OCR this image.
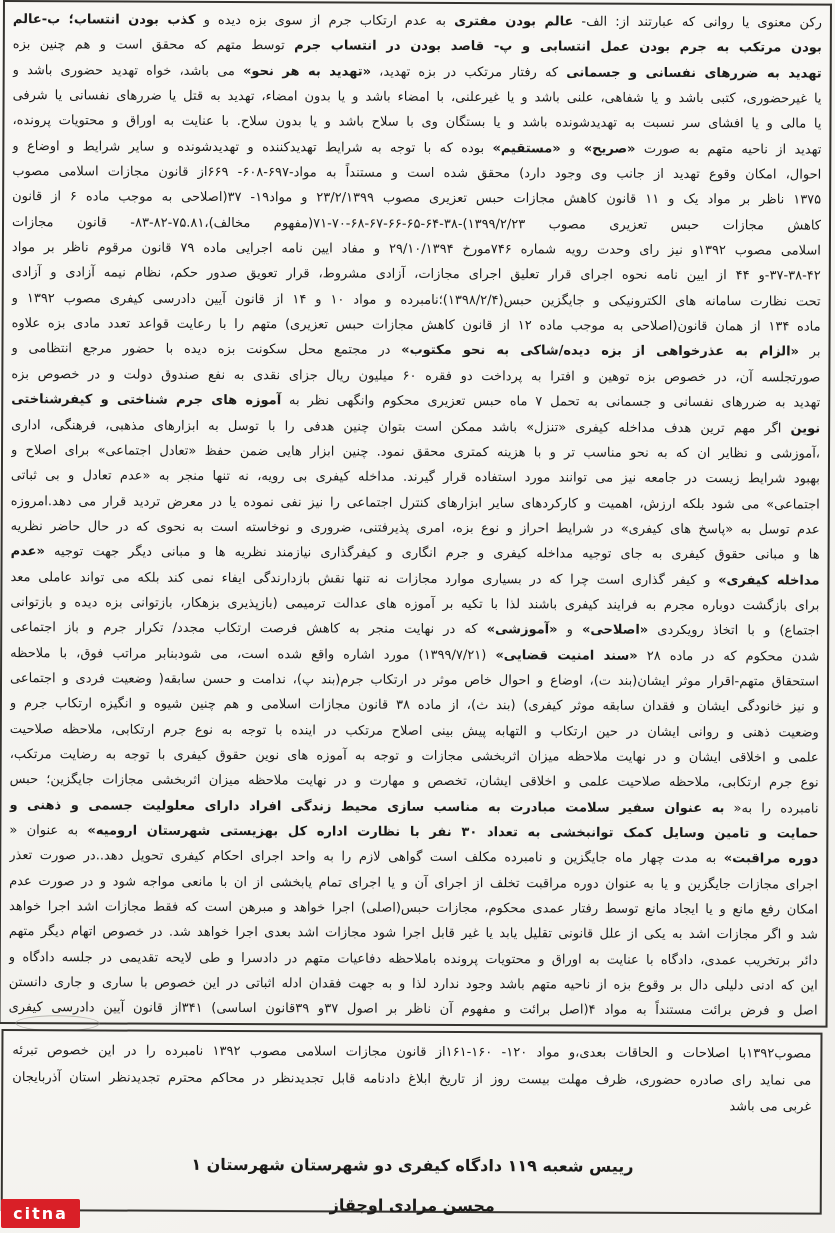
رکن معنوی یا روانی که عبارتند از: الف- عالم بودن مفتری به عدم ارتکاب جرم از سوی بزه دیده و کذب بودن انتساب؛ ب-عالم
بودن مرتکب به جرم بودن عمل انتسابی و پ- قاصد بودن در انتساب جرم توسط متهم که محقق است و هم چنین بزه
تهدید به ضررهای نفسانی و جسمانی که رفتار مرتکب در بزه تهدید، «تهدید به هر نحو» می باشد، خواه تهدید حضوری باشد و
یا غیرحضوری، کتبی باشد و یا شفاهی، علنی باشد و یا غیرعلنی، با امضاء باشد و یا بدون امضاء، تهدید به قتل یا ضررهای نفسانی یا شرفی
یا مالی و یا افشای سر نسبت به تهدیدشونده باشد و یا بستگان وی با سلاح باشد و یا بدون سلاح. با عنایت به اوراق و محتویات پرونده،
تهدید از ناحیه متهم به صورت «صریح» و «مستقیم» بوده که با توجه به شرایط تهدیدکننده و تهدیدشونده و سایر شرایط و اوضاع و
احوال، امکان وقوع تهدید از جانب وی وجود دارد) محقق شده است و مستنداً به مواد-۶۹۷-۶۰۸- ۶۶۹از قانون مجازات اسلامی مصوب
۱۳۷۵ ناظر بر مواد یک و ۱۱ قانون کاهش مجازات حبس تعزیری مصوب ۲۳/۲/۱۳۹۹ و مواد۱۹- ۳۷(اصلاحی به موجب ماده ۶ از قانون
کاهش مجازات حبس تعزیری مصوب ۱۳۹۹/۲/۲۳)-۳۸-۶۴-۶۵-۶۶-۶۷-۶۸-۷۰-۷۱(مفهوم مخالف)،۷۵.۸۱-۸۲-۸۳- قانون مجازات
اسلامی مصوب ۱۳۹۲و نیز رای وحدت رویه شماره ۷۴۶مورخ ۲۹/۱۰/۱۳۹۴ و مفاد ایین نامه اجرایی ماده ۷۹ قانون مرقوم ناظر بر مواد
۳۷-۳۸-۴۲-و ۴۴ از ایین نامه نحوه اجرای قرار تعلیق اجرای مجازات، آزادی مشروط، قرار تعویق صدور حکم، نظام نیمه آزادی و آزادی
تحت نظارت سامانه های الکترونیکی و جایگزین حبس(۱۳۹۸/۲/۴)؛نامبرده و مواد ۱۰ و ۱۴ از قانون آیین دادرسی کیفری مصوب ۱۳۹۲ و
ماده ۱۳۴ از همان قانون(اصلاحی به موجب ماده ۱۲ از قانون کاهش مجازات حبس تعزیری) متهم را با رعایت قواعد تعدد مادی بزه علاوه
بر «الزام به عذرخواهی از بزه دیده/شاکی به نحو مکتوب» در مجتمع محل سکونت بزه دیده با حضور مرجع انتظامی و
صورتجلسه آن، در خصوص بزه توهین و افترا به پرداخت دو فقره ۶۰ میلیون ریال جزای نقدی به نفع صندوق دولت و در خصوص بزه
تهدید به ضررهای نفسانی و جسمانی به تحمل ۷ ماه حبس تعزیری محکوم وانگهی نظر به آموزه های جرم شناختی و کیفرشناختی
نوین اگر مهم ترین هدف مداخله کیفری «تنزل» باشد ممکن است بتوان چنین هدفی را با توسل به ابزارهای مذهبی، فرهنگی، اداری
،آموزشی و نظایر ان که به نحو مناسب تر و با هزینه کمتری محقق نمود. چنین ابزار هایی ضمن حفظ «تعادل اجتماعی» برای اصلاح و
بهبود شرایط زیست در جامعه نیز می توانند مورد استفاده قرار گیرند. مداخله کیفری بی رویه، نه تنها منجر به «عدم تعادل و بی ثباتی
اجتماعی» می شود بلکه ارزش، اهمیت و کارکردهای سایر ابزارهای کنترل اجتماعی را نیز نفی نموده یا در معرض تردید قرار می دهد.امروزه
عدم توسل به «پاسخ های کیفری» در شرایط احراز و نوع بزه، امری پذیرفتنی، ضروری و نوخاسته است به نحوی که در حال حاضر نظریه
ها و مبانی حقوق کیفری به جای توجیه مداخله کیفری و جرم انگاری و کیفرگذاری نیازمند نظریه ها و مبانی دیگر جهت توجیه «عدم
مداخله کیفری» و کیفر گذاری است چرا که در بسیاری موارد مجازات نه تنها نقش بازدارندگی ایفاء نمی کند بلکه می تواند عاملی معد
برای بازگشت دوباره مجرم به فرایند کیفری باشند لذا با تکیه بر آموزه های عدالت ترمیمی (بازپذیری بزهکار، بازتوانی بزه دیده و بازتوانی
اجتماع) و با اتخاذ رویکردی «اصلاحی» و «آموزشی» که در نهایت منجر به کاهش فرصت ارتکاب مجدد/ تکرار جرم و باز اجتماعی
شدن محکوم که در ماده ۲۸ «سند امنیت قضایی» (۱۳۹۹/۷/۲۱) مورد اشاره واقع شده است، می شودبنابر مراتب فوق، با ملاحظه
استحقاق متهم-اقرار موثر ایشان(بند ت)، اوضاع و احوال خاص موثر در ارتکاب جرم(بند پ)، ندامت و حسن سابقه( وضعیت فردی و اجتماعی
و نیز خانودگی ایشان و فقدان سابقه موثر کیفری) (بند ث)، از ماده ۳۸ قانون مجازات اسلامی و هم چنین شیوه و انگیزه ارتکاب جرم و
وضعیت ذهنی و روانی ایشان در حین ارتکاب و التهابه پیش بینی اصلاح مرتکب در اینده با توجه به نوع جرم ارتکابی، ملاحظه صلاحیت
علمی و اخلاقی ایشان و در نهایت ملاحظه میزان اثربخشی مجازات و توجه به آموزه های نوین حقوق کیفری با توجه به رضایت مرتکب،
نوع جرم ارتکابی، ملاحظه صلاحیت علمی و اخلاقی ایشان، تخصص و مهارت و در نهایت ملاحظه میزان اثربخشی مجازات جایگزین؛ حبس
نامبرده را به« به عنوان سفیر سلامت مبادرت به مناسب سازی محیط زندگی افراد دارای معلولیت جسمی و ذهنی و
حمایت و تامین وسایل کمک توانبخشی به تعداد ۳۰ نفر با نظارت اداره کل بهزیستی شهرستان ارومیه» به عنوان «
دوره مراقبت» به مدت چهار ماه جایگزین و نامبرده مکلف است گواهی لازم را به واحد اجرای احکام کیفری تحویل دهد..در صورت تعذر
اجرای مجازات جایگزین و یا به عنوان دوره مراقبت تخلف از اجرای آن و یا اجرای تمام یابخشی از ان با مانعی مواجه شود و در صورت عدم
امکان رفع مانع و یا ایجاد مانع توسط رفتار عمدی محکوم، مجازات حبس(اصلی) اجرا خواهد و مبرهن است که فقط مجازات اشد اجرا خواهد
شد و اگر مجازات اشد به یکی از علل قانونی تقلیل یابد یا غیر قابل اجرا شود مجازات اشد بعدی اجرا خواهد شد. در خصوص اتهام دیگر متهم
دائر برتخریب عمدی، دادگاه با عنایت به اوراق و محتویات پرونده باملاحظه دفاعیات متهم در دادسرا و طی لایحه تقدیمی در جلسه دادگاه و
این که ادنی دلیلی دال بر وقوع بزه از ناحیه متهم باشد وجود ندارد لذا و به جهت فقدان ادله اثباتی در این خصوص با ساری و جاری دانستن
اصل و فرض برائت مستنداً به مواد ۴(اصل برائت و مفهوم آن ناظر بر اصول ۳۷و ۳۹قانون اساسی) ۳۴۱از قانون آیین دادرسی کیفری
مصوب۱۳۹۲با اصلاحات و الحاقات بعدی،و مواد ۱۲۰- ۱۶۰-۱۶۱از قانون مجازات اسلامی مصوب ۱۳۹۲ نامبرده را در این خصوص تبرئه
می نماید رای صادره حضوری، ظرف مهلت بیست روز از تاریخ ابلاغ دادنامه قابل تجدیدنظر در محاکم محترم تجدیدنظر استان آذربایجان
غربی می باشد
رییس شعبه ۱۱۹ دادگاه کیفری دو شهرستان شهرستان ۱
محسن مرادی اوجقاز
citna
